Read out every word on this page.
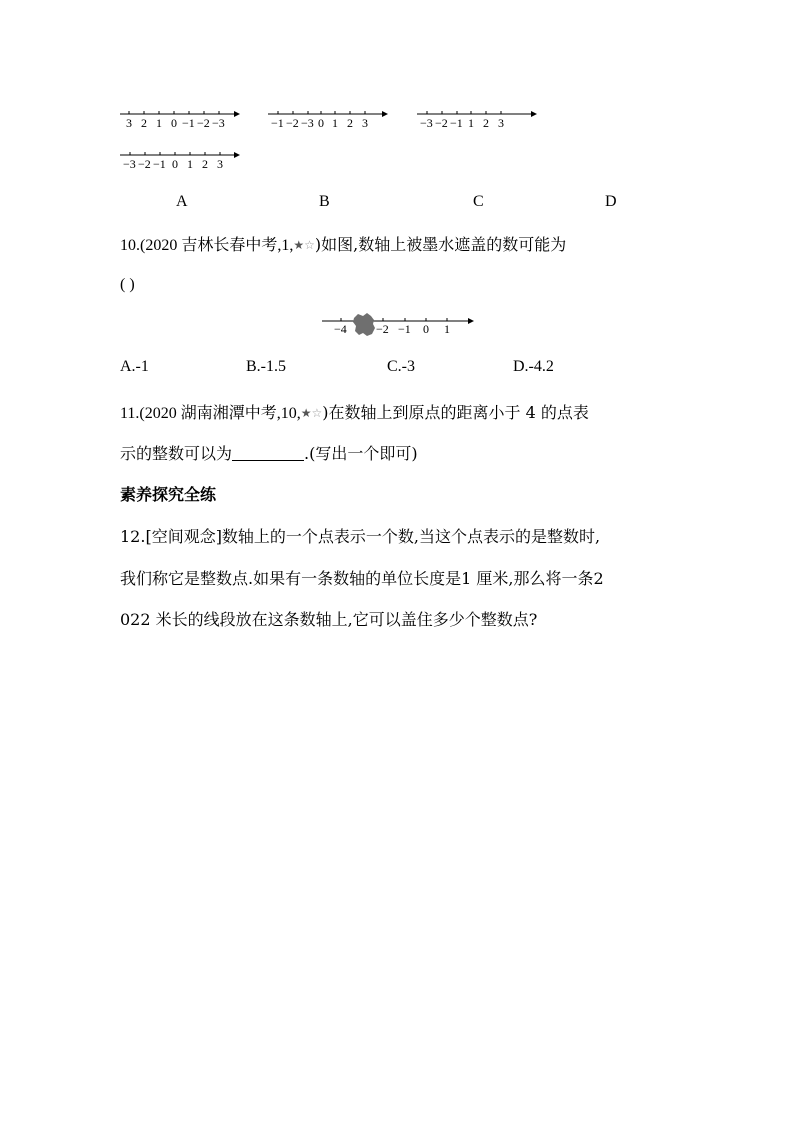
3 2 1 0 −1 −2 −3	−1 −2 −3 0 1 2 3	−3 −2 −1 1 2 3
−3 −2 −1 0 1 2 3
A	B	C	D
10.(2020 吉林长春中考,1,★☆)如图,数轴上被墨水遮盖的数可能为
( )
−4 −2 −1 0 1
A.-1	B.-1.5	C.-3	D.-4.2
11.(2020 湖南湘潭中考,10,★☆)在数轴上到原点的距离小于 4 的点表
示的整数可以为	.(写出一个即可)
素养探究全练
12.[空间观念]数轴上的一个点表示一个数,当这个点表示的是整数时,
我们称它是整数点.如果有一条数轴的单位长度是1 厘米,那么将一条2
022 米长的线段放在这条数轴上,它可以盖住多少个整数点?
